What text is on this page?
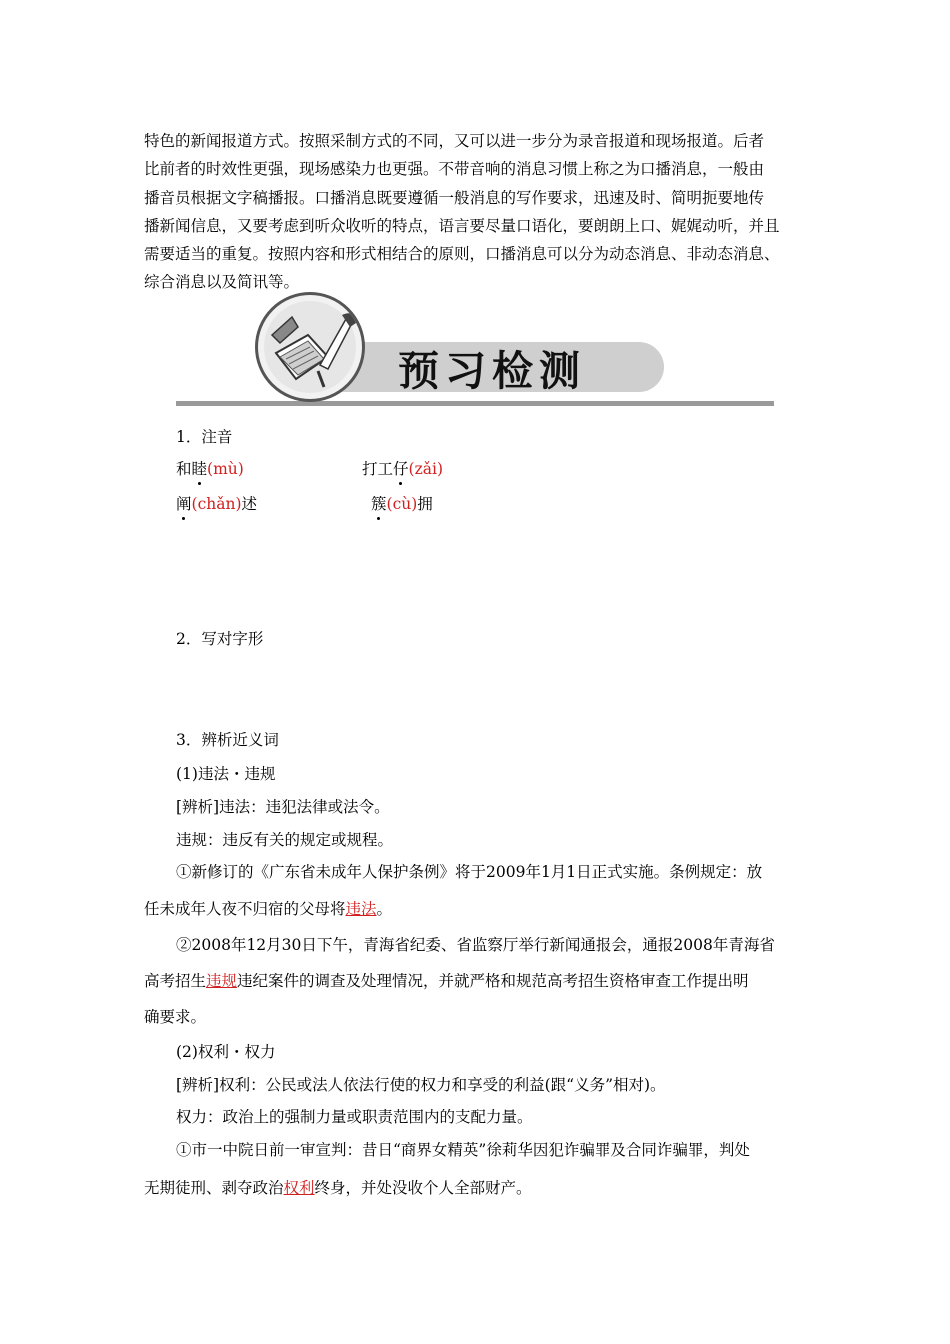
特色的新闻报道方式。按照采制方式的不同，又可以进一步分为录音报道和现场报道。后者

比前者的时效性更强，现场感染力也更强。不带音响的消息习惯上称之为口播消息，一般由

播音员根据文字稿播报。口播消息既要遵循一般消息的写作要求，迅速及时、简明扼要地传

播新闻信息，又要考虑到听众收听的特点，语言要尽量口语化，要朗朗上口、娓娓动听，并且

需要适当的重复。按照内容和形式相结合的原则，口播消息可以分为动态消息、非动态消息、

综合消息以及简讯等。

预习检测
1．注音
和睦(mù)	打工仔(zǎi)
阐(chǎn)述	簇(cù)拥
2．写对字形
3．辨析近义词
(1)违法・违规
[辨析]违法：违犯法律或法令。
违规：违反有关的规定或规程。
①新修订的《广东省未成年人保护条例》将于2009年1月1日正式实施。条例规定：放
任未成年人夜不归宿的父母将违法。
②2008年12月30日下午，青海省纪委、省监察厅举行新闻通报会，通报2008年青海省
高考招生违规违纪案件的调查及处理情况，并就严格和规范高考招生资格审查工作提出明
确要求。
(2)权利・权力
[辨析]权利：公民或法人依法行使的权力和享受的利益(跟“义务”相对)。
权力：政治上的强制力量或职责范围内的支配力量。
①市一中院日前一审宣判：昔日“商界女精英”徐莉华因犯诈骗罪及合同诈骗罪，判处
无期徒刑、剥夺政治权利终身，并处没收个人全部财产。
